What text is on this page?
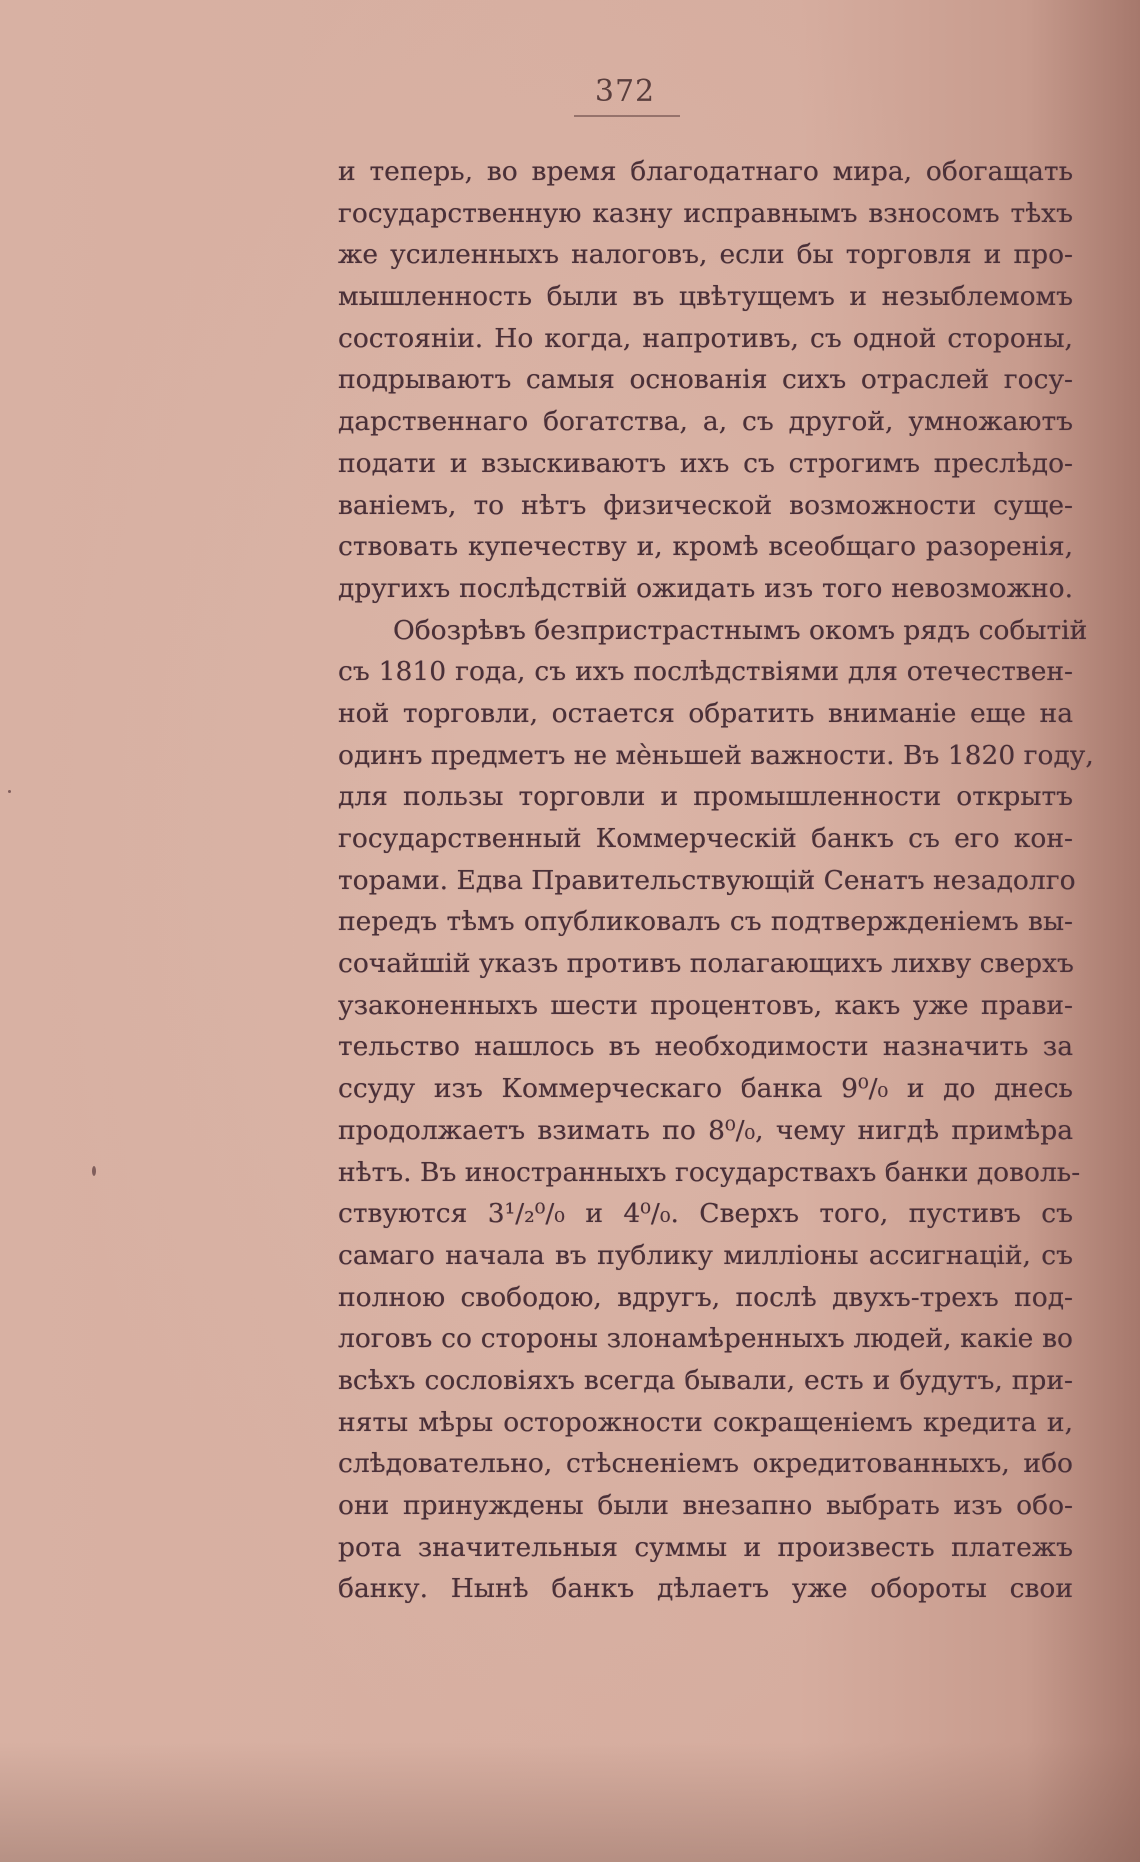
372
и теперь, во время благодатнаго мира, обогащать
государственную казну исправнымъ взносомъ тѣхъ
же усиленныхъ налоговъ, если бы торговля и про-
мышленность были въ цвѣтущемъ и незыблемомъ
состояніи. Но когда, напротивъ, съ одной стороны,
подрываютъ самыя основанія сихъ отраслей госу-
дарственнаго богатства, а, съ другой, умножаютъ
подати и взыскиваютъ ихъ съ строгимъ преслѣдо-
ваніемъ, то нѣтъ физической возможности суще-
ствовать купечеству и, кромѣ всеобщаго разоренія,
другихъ послѣдствій ожидать изъ того невозможно.
Обозрѣвъ безпристрастнымъ окомъ рядъ событій
съ 1810 года, съ ихъ послѣдствіями для отечествен-
ной торговли, остается обратить вниманіе еще на
одинъ предметъ не мѐньшей важности. Въ 1820 году,
для пользы торговли и промышленности открытъ
государственный Коммерческій банкъ съ его кон-
торами. Едва Правительствующій Сенатъ незадолго
передъ тѣмъ опубликовалъ съ подтвержденіемъ вы-
сочайшій указъ противъ полагающихъ лихву сверхъ
узаконенныхъ шести процентовъ, какъ уже прави-
тельство нашлось въ необходимости назначить за
ссуду изъ Коммерческаго банка 9⁰/₀ и до днесь
продолжаетъ взимать по 8⁰/₀, чему нигдѣ примѣра
нѣтъ. Въ иностранныхъ государствахъ банки доволь-
ствуются 3¹/₂⁰/₀ и 4⁰/₀. Сверхъ того, пустивъ съ
самаго начала въ публику милліоны ассигнацій, съ
полною свободою, вдругъ, послѣ двухъ-трехъ под-
логовъ со стороны злонамѣренныхъ людей, какіе во
всѣхъ сословіяхъ всегда бывали, есть и будутъ, при-
няты мѣры осторожности сокращеніемъ кредита и,
слѣдовательно, стѣсненіемъ окредитованныхъ, ибо
они принуждены были внезапно выбрать изъ обо-
рота значительныя суммы и произвесть платежъ
банку. Нынѣ банкъ дѣлаетъ уже обороты свои
